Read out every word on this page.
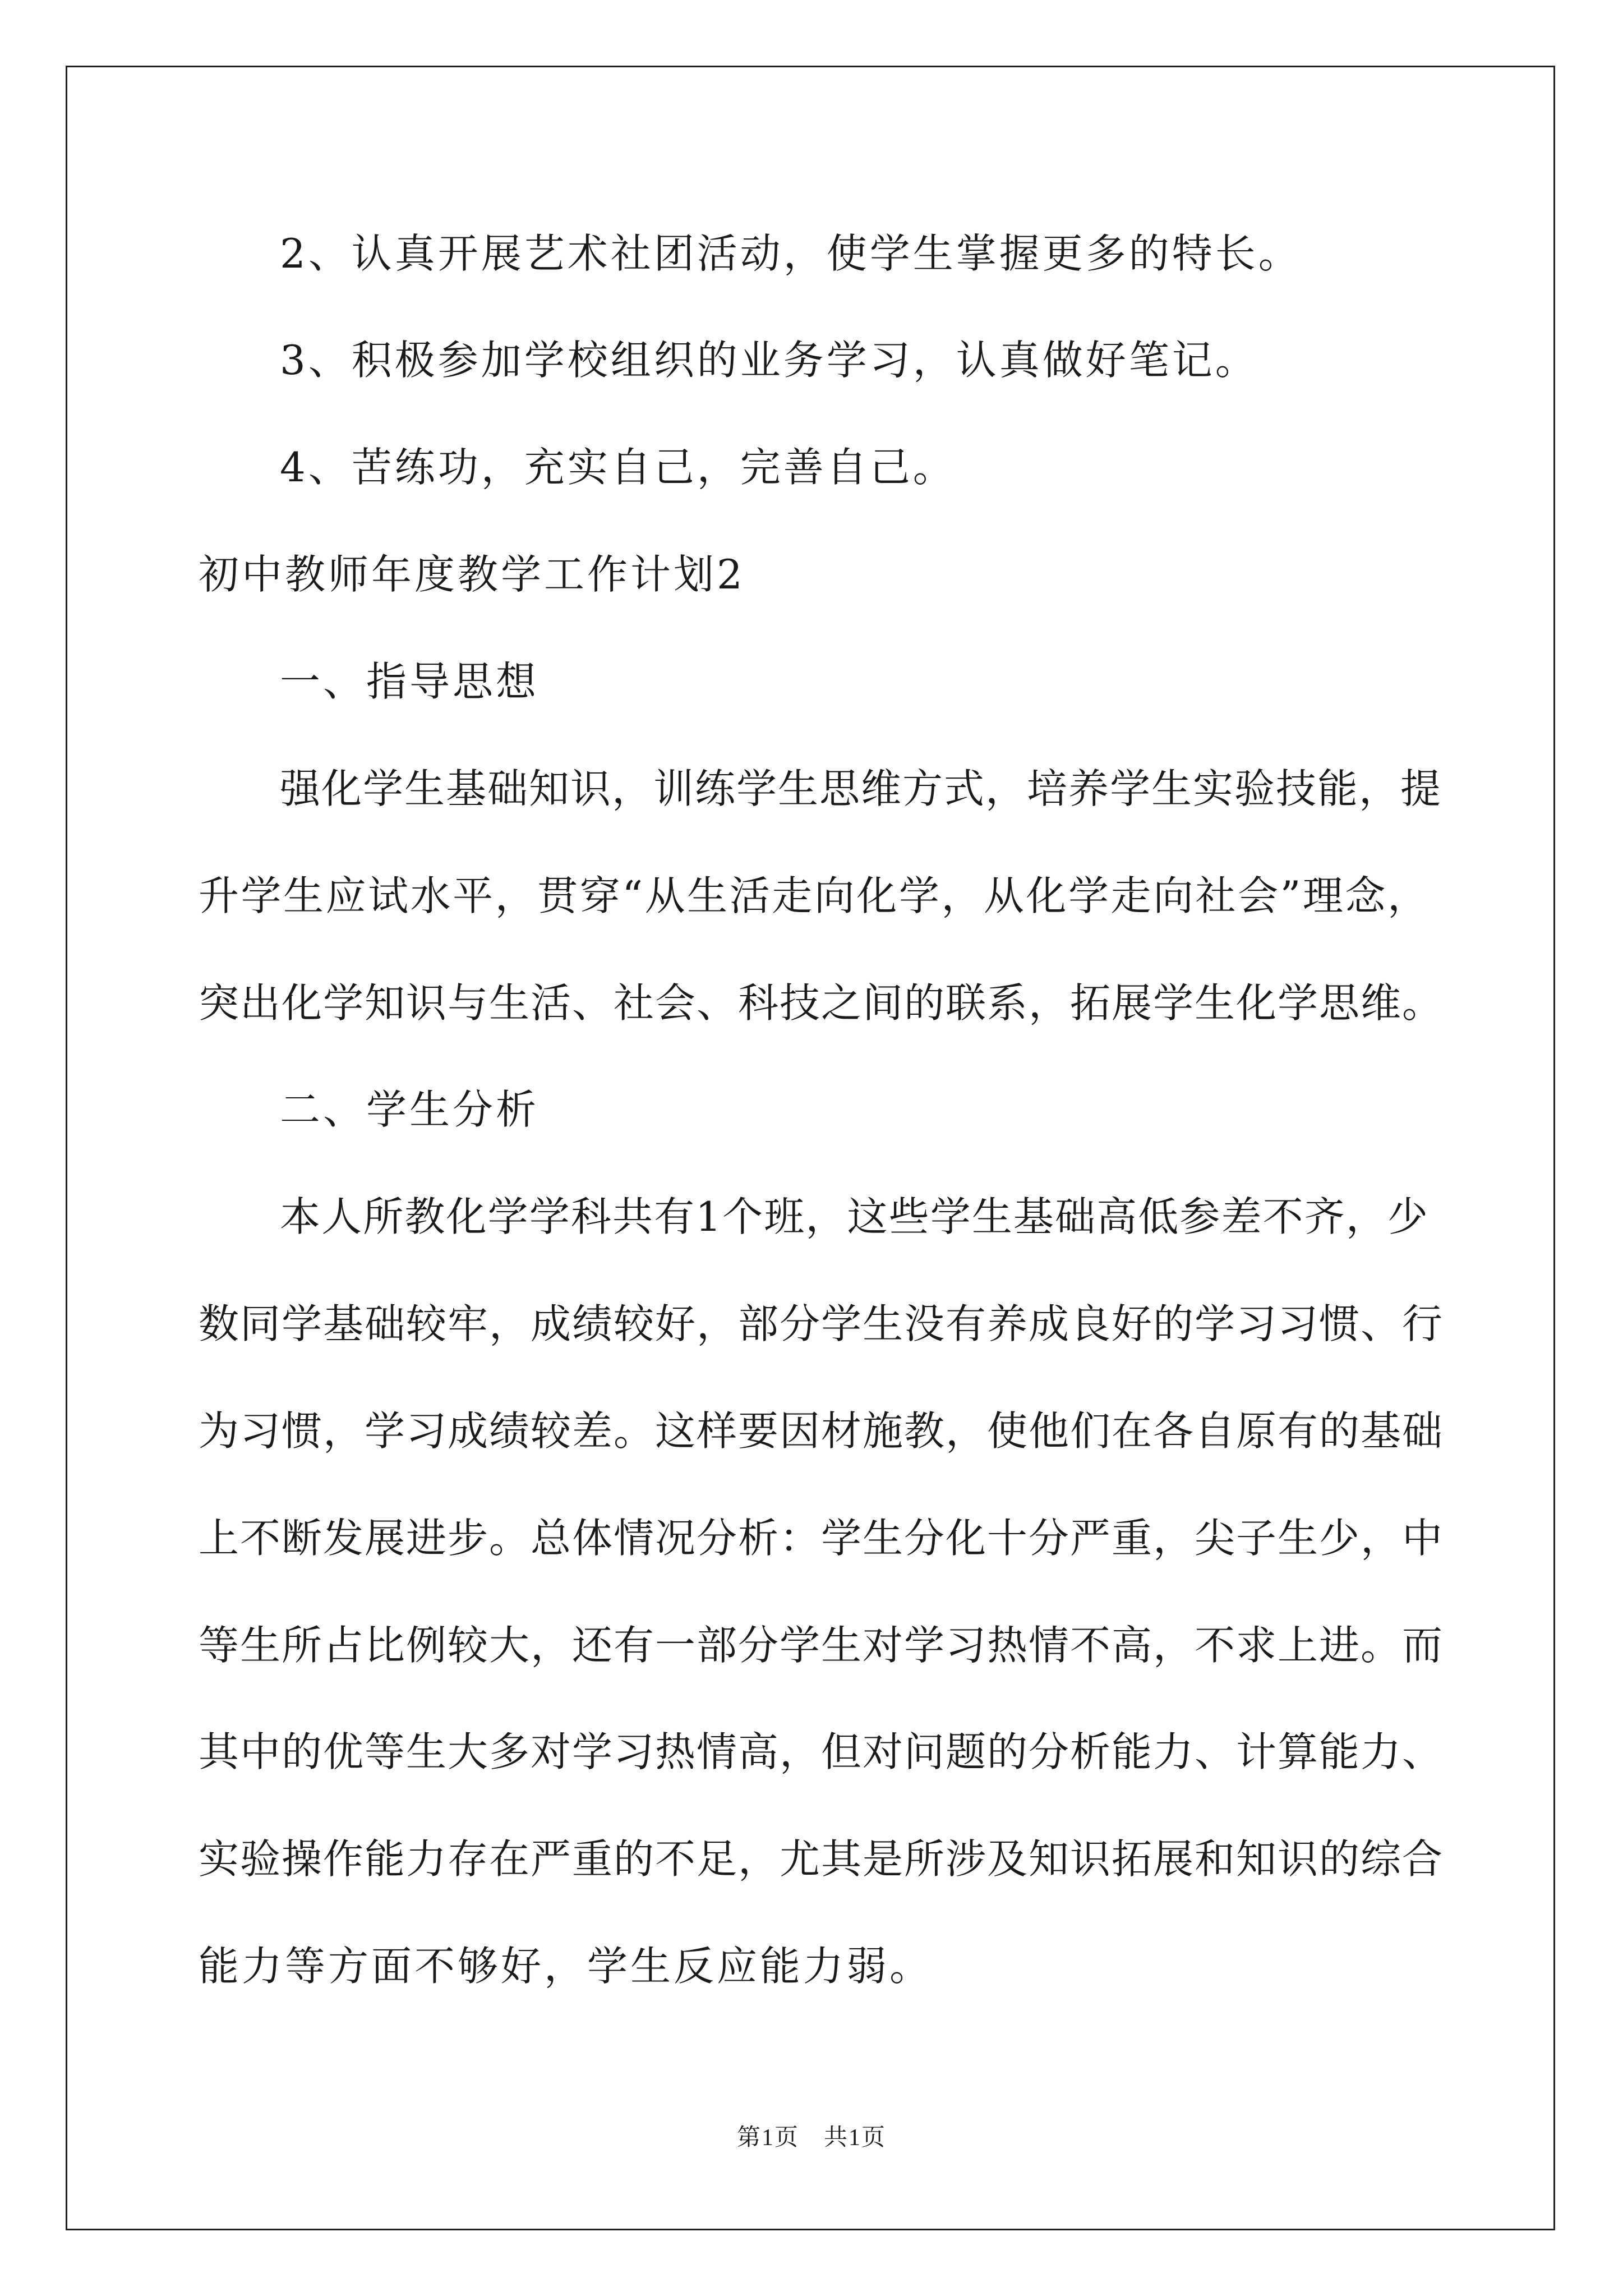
2、认真开展艺术社团活动，使学生掌握更多的特长。
3、积极参加学校组织的业务学习，认真做好笔记。
4、苦练功，充实自己，完善自己。
初中教师年度教学工作计划2
一、指导思想
强化学生基础知识，训练学生思维方式，培养学生实验技能，提
升学生应试水平，贯穿“从生活走向化学，从化学走向社会”理念，
突出化学知识与生活、社会、科技之间的联系，拓展学生化学思维。
二、学生分析
本人所教化学学科共有1个班，这些学生基础高低参差不齐，少
数同学基础较牢，成绩较好，部分学生没有养成良好的学习习惯、行
为习惯，学习成绩较差。这样要因材施教，使他们在各自原有的基础
上不断发展进步。总体情况分析：学生分化十分严重，尖子生少，中
等生所占比例较大，还有一部分学生对学习热情不高，不求上进。而
其中的优等生大多对学习热情高，但对问题的分析能力、计算能力、
实验操作能力存在严重的不足，尤其是所涉及知识拓展和知识的综合
能力等方面不够好，学生反应能力弱。
第1页　共1页
